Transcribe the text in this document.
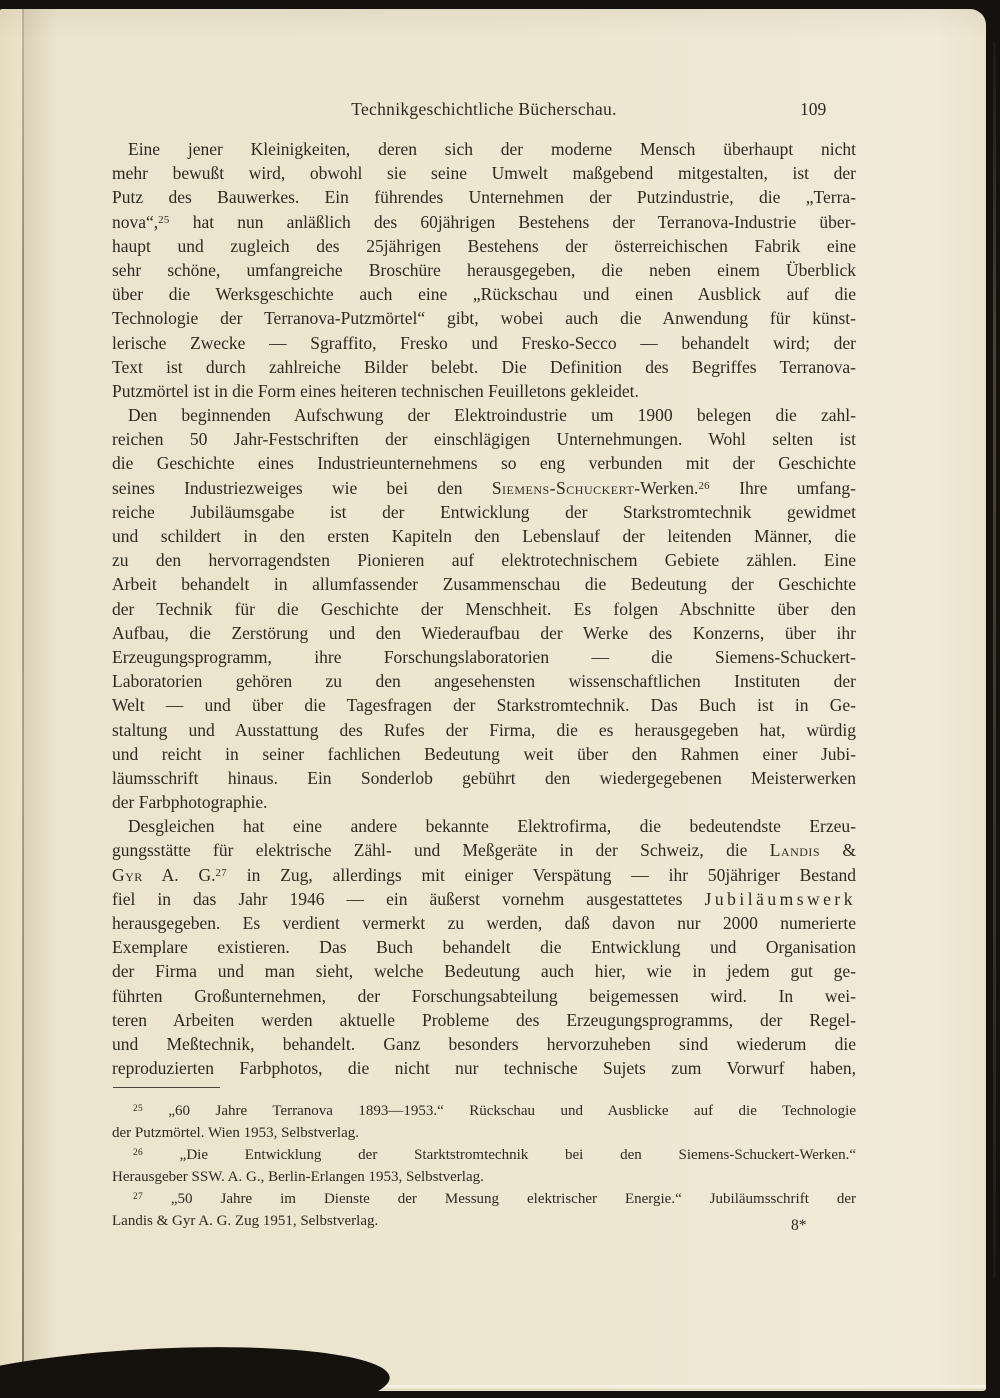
Technikgeschichtliche Bücherschau.	109
Eine jener Kleinigkeiten, deren sich der moderne Mensch überhaupt nicht
mehr bewußt wird, obwohl sie seine Umwelt maßgebend mitgestalten, ist der
Putz des Bauwerkes. Ein führendes Unternehmen der Putzindustrie, die „Terra-
nova“,$^{25}$ hat nun anläßlich des 60jährigen Bestehens der Terranova-Industrie über-
haupt und zugleich des 25jährigen Bestehens der österreichischen Fabrik eine
sehr schöne, umfangreiche Broschüre herausgegeben, die neben einem Überblick
über die Werksgeschichte auch eine „Rückschau und einen Ausblick auf die
Technologie der Terranova-Putzmörtel“ gibt, wobei auch die Anwendung für künst-
lerische Zwecke — Sgraffito, Fresko und Fresko-Secco — behandelt wird; der
Text ist durch zahlreiche Bilder belebt. Die Definition des Begriffes Terranova-
Putzmörtel ist in die Form eines heiteren technischen Feuilletons gekleidet.
Den beginnenden Aufschwung der Elektroindustrie um 1900 belegen die zahl-
reichen 50 Jahr-Festschriften der einschlägigen Unternehmungen. Wohl selten ist
die Geschichte eines Industrieunternehmens so eng verbunden mit der Geschichte
seines Industriezweiges wie bei den Siemens-Schuckert-Werken.$^{26}$ Ihre umfang-
reiche Jubiläumsgabe ist der Entwicklung der Starkstromtechnik gewidmet
und schildert in den ersten Kapiteln den Lebenslauf der leitenden Männer, die
zu den hervorragendsten Pionieren auf elektrotechnischem Gebiete zählen. Eine
Arbeit behandelt in allumfassender Zusammenschau die Bedeutung der Geschichte
der Technik für die Geschichte der Menschheit. Es folgen Abschnitte über den
Aufbau, die Zerstörung und den Wiederaufbau der Werke des Konzerns, über ihr
Erzeugungsprogramm, ihre Forschungslaboratorien — die Siemens-Schuckert-
Laboratorien gehören zu den angesehensten wissenschaftlichen Instituten der
Welt — und über die Tagesfragen der Starkstromtechnik. Das Buch ist in Ge-
staltung und Ausstattung des Rufes der Firma, die es herausgegeben hat, würdig
und reicht in seiner fachlichen Bedeutung weit über den Rahmen einer Jubi-
läumsschrift hinaus. Ein Sonderlob gebührt den wiedergegebenen Meisterwerken
der Farbphotographie.
Desgleichen hat eine andere bekannte Elektrofirma, die bedeutendste Erzeu-
gungsstätte für elektrische Zähl- und Meßgeräte in der Schweiz, die Landis &
Gyr A. G.$^{27}$ in Zug, allerdings mit einiger Verspätung — ihr 50jähriger Bestand
fiel in das Jahr 1946 — ein äußerst vornehm ausgestattetes Jubiläumswerk
herausgegeben. Es verdient vermerkt zu werden, daß davon nur 2000 numerierte
Exemplare existieren. Das Buch behandelt die Entwicklung und Organisation
der Firma und man sieht, welche Bedeutung auch hier, wie in jedem gut ge-
führten Großunternehmen, der Forschungsabteilung beigemessen wird. In wei-
teren Arbeiten werden aktuelle Probleme des Erzeugungsprogramms, der Regel-
und Meßtechnik, behandelt. Ganz besonders hervorzuheben sind wiederum die
reproduzierten Farbphotos, die nicht nur technische Sujets zum Vorwurf haben,
$^{25}$ „60 Jahre Terranova 1893—1953.“ Rückschau und Ausblicke auf die Technologie
der Putzmörtel. Wien 1953, Selbstverlag.
$^{26}$ „Die Entwicklung der Starktstromtechnik bei den Siemens-Schuckert-Werken.“
Herausgeber SSW. A. G., Berlin-Erlangen 1953, Selbstverlag.
$^{27}$ „50 Jahre im Dienste der Messung elektrischer Energie.“ Jubiläumsschrift der
Landis & Gyr A. G. Zug 1951, Selbstverlag.	8*
